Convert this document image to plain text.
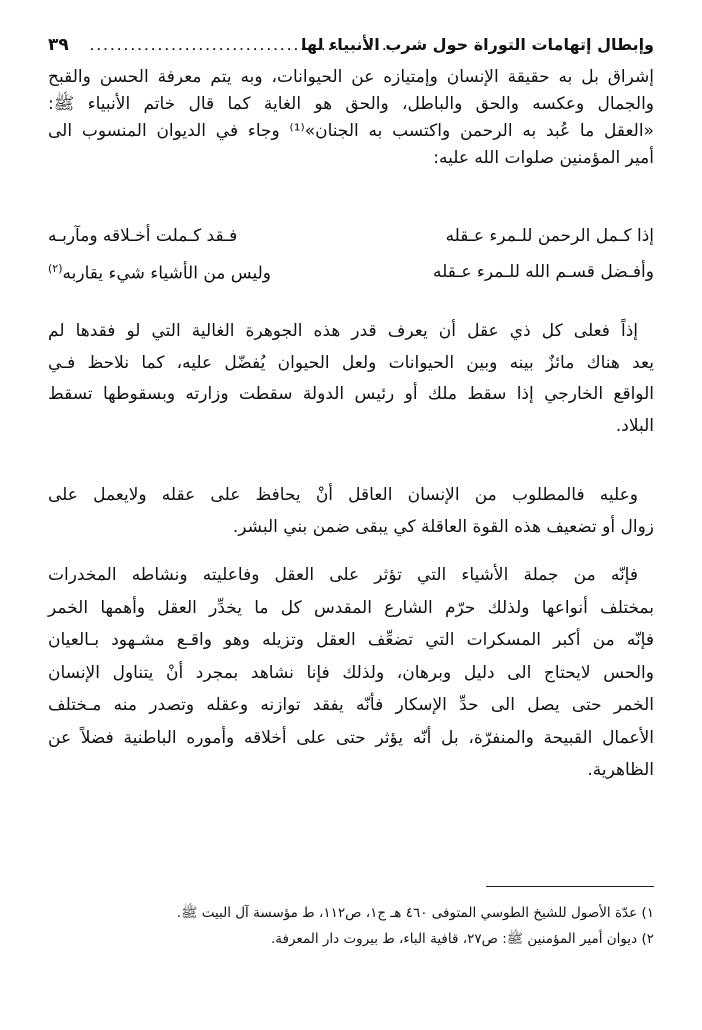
وإبطال إتهامات التوراة حول شرب الأنبياء لها
.....
٣٩
إشراق بل به حقيقة الإنسان وإمتيازه عن الحيوانات، وبه يتم معرفة الحسن والقبح
والجمال وعكسه والحق والباطل، والحق هو الغاية كما قال خاتم الأنبياء ﷺ:
«العقل ما عُبد به الرحمن واكتسب به الجنان»⁽¹⁾ وجاء في الديوان المنسوب الى
أمير المؤمنين صلوات الله عليه:
إذا كـمل الرحمن للـمرء عـقله
فـقد كـملت أخـلاقه ومآربـه
وأفـضل قسـم الله للـمرء عـقله
وليس من الأشياء شيء يقاربه$^{(٢)}$
إذاً فعلى كل ذي عقل أن يعرف قدر هذه الجوهرة الغالية التي لو فقدها لم
يعد هناك مائزٌ بينه وبين الحيوانات ولعل الحيوان يُفضّل عليه، كما نلاحظ فـي
الواقع الخارجي إذا سقط ملك أو رئيس الدولة سقطت وزارته وبسقوطها تسقط
البلاد.
وعليه فالمطلوب من الإنسان العاقل أنْ يحافظ على عقله ولايعمل على
زوال أو تضعيف هذه القوة العاقلة كي يبقى ضمن بني البشر.
فإنّه من جملة الأشياء التي تؤثر على العقل وفاعليته ونشاطه المخدرات
بمختلف أنواعها ولذلك حرّم الشارع المقدس كل ما يخدِّر العقل وأهمها الخمر
فإنّه من أكبر المسكرات التي تضعِّف العقل وتزيله وهو واقـع مشـهود بـالعيان
والحس لايحتاج الى دليل وبرهان، ولذلك فإنا نشاهد بمجرد أنْ يتناول الإنسان
الخمر حتى يصل الى حدِّ الإسكار فأنّه يفقد توازنه وعقله وتصدر منه مـختلف
الأعمال القبيحة والمنفرّة، بل أنّه يؤثر حتى على أخلاقه وأموره الباطنية فضلاً عن
الظاهرية.
١) عدّة الأصول للشيخ الطوسي المتوفى ٤٦٠ هـ ج١، ص١١٢، ط مؤسسة آل البيت ﷺ.
٢) ديوان أمير المؤمنين ﷺ: ص٢٧، قافية الباء، ط بيروت دار المعرفة.
